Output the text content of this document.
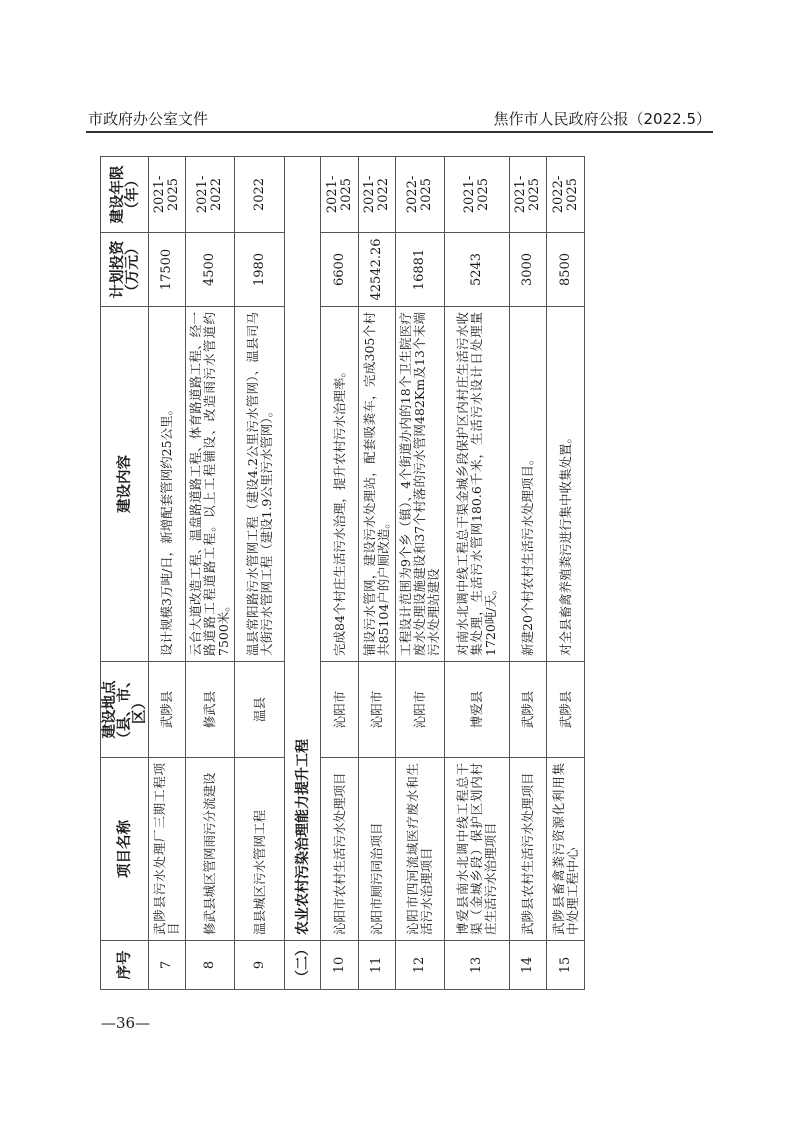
市政府办公室文件	焦作市人民政府公报（2022.5）
序号	项目名称	建设地点（县、市、区）	建设内容	计划投资（万元）	建设年限（年）
7	武陟县污水处理厂三期工程项目	武陟县	设计规模3万吨/日，新增配套管网约25公里。	17500	2021-2025
8	修武县城区管网雨污分流建设	修武县	云台大道改造工程、温盘路道路工程、体育路道路工程、经一路道路工程道路工程。以上工程铺设、改造雨污水管道约7500米。	4500	2021-2022
9	温县城区污水管网工程	温县	温县常阳路污水管网工程（建设4.2公里污水管网）、温县司马大街污水管网工程（建设1.9公里污水管网）。	1980	2022
（二）	农业农村污染治理能力提升工程				
10	沁阳市农村生活污水处理项目	沁阳市	完成84个村庄生活污水治理，提升农村污水治理率。	6600	2021-2025
11	沁阳市厕污同治项目	沁阳市	铺设污水管网，建设污水处理站，配套吸粪车，完成305个村共85104户的户厕改造。	42542.26	2021-2022
12	沁阳市四河流域医疗废水和生活污水治理项目	沁阳市	工程设计范围为9个乡（镇）、4个街道办内的18个卫生院医疗废水处理设施建设和37个村落的污水管网482Km及13个末端污水处理站建设	16881	2022-2025
13	博爱县南水北调中线工程总干渠（金城乡段）保护区划内村庄生活污水治理项目	博爱县	对南水北调中线工程总干渠金城乡段保护区内村庄生活污水收集处理，生活污水管网180.6千米，生活污水设计日处理量1720吨/天。	5243	2021-2025
14	武陟县农村生活污水处理项目	武陟县	新建20个村农村生活污水处理项目。	3000	2021-2025
15	武陟县畜禽粪污资源化利用集中处理工程中心	武陟县	对全县畜禽养殖粪污进行集中收集处置。	8500	2022-2025
—36—
